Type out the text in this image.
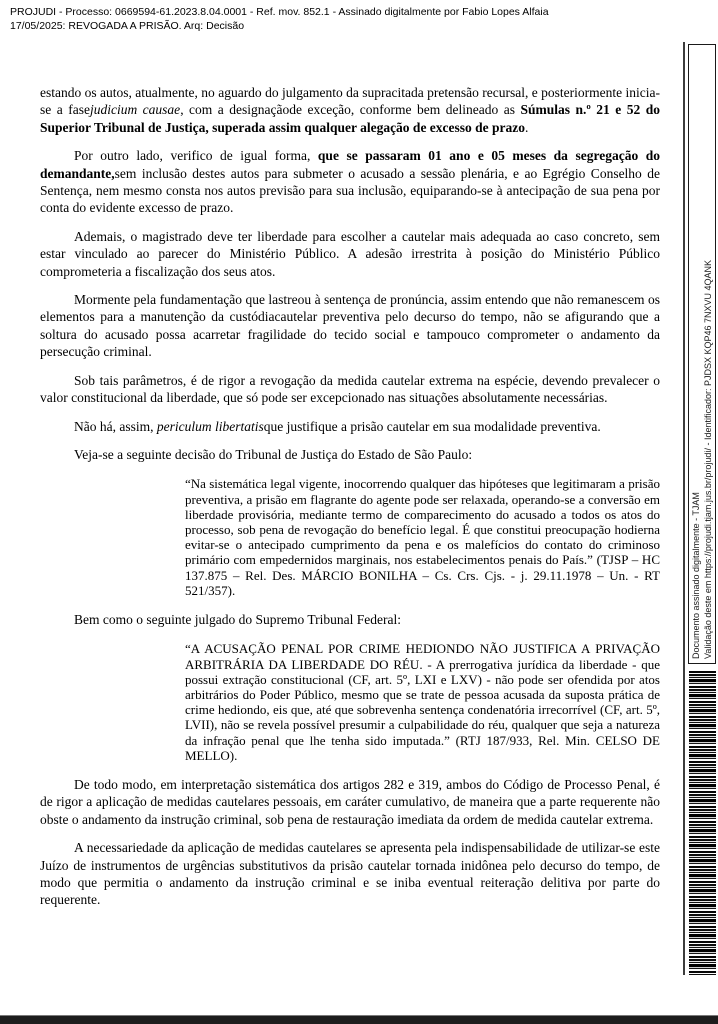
PROJUDI - Processo: 0669594-61.2023.8.04.0001 - Ref. mov. 852.1 - Assinado digitalmente por Fabio Lopes Alfaia
17/05/2025: REVOGADA A PRISÃO. Arq: Decisão

estando os autos, atualmente, no aguardo do julgamento da supracitada pretensão recursal, e posteriormente inicia-se a fasejudicium causae, com a designaçãode exceção, conforme bem delineado as Súmulas n.º 21 e 52 do Superior Tribunal de Justiça, superada assim qualquer alegação de excesso de prazo.

Por outro lado, verifico de igual forma, que se passaram 01 ano e 05 meses da segregação do demandante,sem inclusão destes autos para submeter o acusado a sessão plenária, e ao Egrégio Conselho de Sentença, nem mesmo consta nos autos previsão para sua inclusão, equiparando-se à antecipação de sua pena por conta do evidente excesso de prazo.

Ademais, o magistrado deve ter liberdade para escolher a cautelar mais adequada ao caso concreto, sem estar vinculado ao parecer do Ministério Público. A adesão irrestrita à posição do Ministério Público comprometeria a fiscalização dos seus atos.

Mormente pela fundamentação que lastreou à sentença de pronúncia, assim entendo que não remanescem os elementos para a manutenção da custódiacautelar preventiva pelo decurso do tempo, não se afigurando que a soltura do acusado possa acarretar fragilidade do tecido social e tampouco comprometer o andamento da persecução criminal.

Sob tais parâmetros, é de rigor a revogação da medida cautelar extrema na espécie, devendo prevalecer o valor constitucional da liberdade, que só pode ser excepcionado nas situações absolutamente necessárias.

Não há, assim, periculum libertatisque justifique a prisão cautelar em sua modalidade preventiva.

Veja-se a seguinte decisão do Tribunal de Justiça do Estado de São Paulo:

“Na sistemática legal vigente, inocorrendo qualquer das hipóteses que legitimaram a prisão preventiva, a prisão em flagrante do agente pode ser relaxada, operando-se a conversão em liberdade provisória, mediante termo de comparecimento do acusado a todos os atos do processo, sob pena de revogação do benefício legal. É que constitui preocupação hodierna evitar-se o antecipado cumprimento da pena e os malefícios do contato do criminoso primário com empedernidos marginais, nos estabelecimentos penais do País.” (TJSP – HC 137.875 – Rel. Des. MÁRCIO BONILHA – Cs. Crs. Cjs. - j. 29.11.1978 – Un. - RT 521/357).

Bem como o seguinte julgado do Supremo Tribunal Federal:

“A ACUSAÇÃO PENAL POR CRIME HEDIONDO NÃO JUSTIFICA A PRIVAÇÃO ARBITRÁRIA DA LIBERDADE DO RÉU. - A prerrogativa jurídica da liberdade - que possui extração constitucional (CF, art. 5º, LXI e LXV) - não pode ser ofendida por atos arbitrários do Poder Público, mesmo que se trate de pessoa acusada da suposta prática de crime hediondo, eis que, até que sobrevenha sentença condenatória irrecorrível (CF, art. 5º, LVII), não se revela possível presumir a culpabilidade do réu, qualquer que seja a natureza da infração penal que lhe tenha sido imputada.” (RTJ 187/933, Rel. Min. CELSO DE MELLO).

De todo modo, em interpretação sistemática dos artigos 282 e 319, ambos do Código de Processo Penal, é de rigor a aplicação de medidas cautelares pessoais, em caráter cumulativo, de maneira que a parte requerente não obste o andamento da instrução criminal, sob pena de restauração imediata da ordem de medida cautelar extrema.

A necessariedade da aplicação de medidas cautelares se apresenta pela indispensabilidade de utilizar-se este Juízo de instrumentos de urgências substitutivos da prisão cautelar tornada inidônea pelo decurso do tempo, de modo que permitia o andamento da instrução criminal e se iniba eventual reiteração delitiva por parte do requerente.

Documento assinado digitalmente - TJAM Validação deste em https://projudi.tjam.jus.br/projudi/ - Identificador: PJDSX KQP46 7NXVU 4QANK
